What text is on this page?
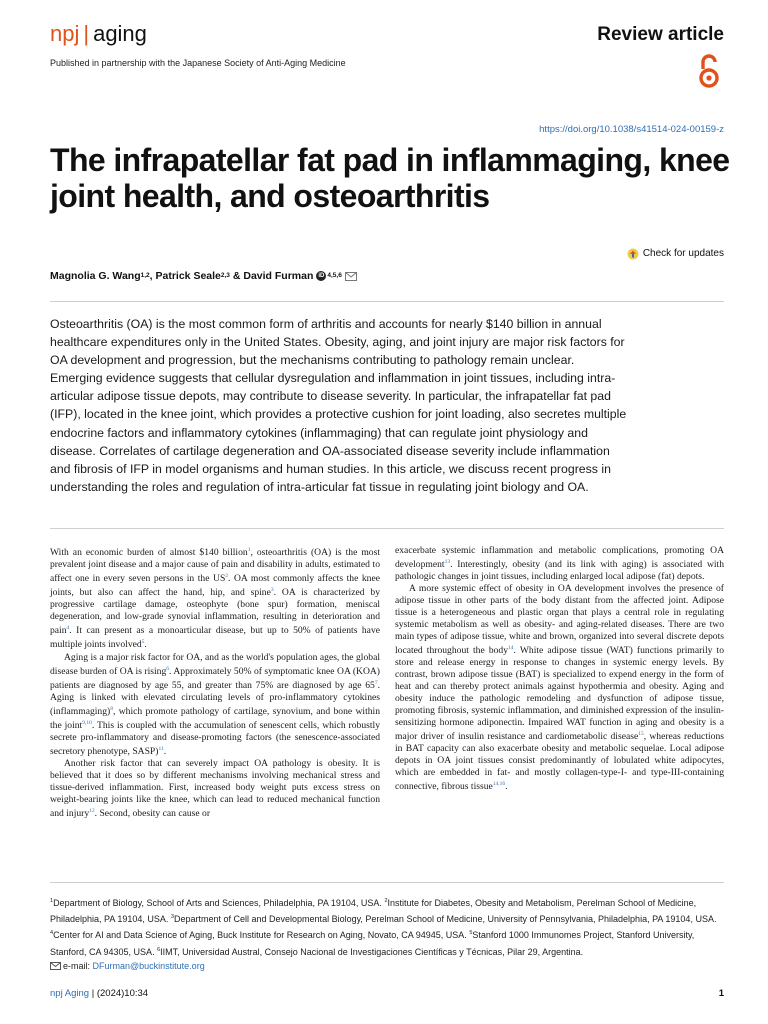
npj | aging	Review article
Published in partnership with the Japanese Society of Anti-Aging Medicine
https://doi.org/10.1038/s41514-024-00159-z
The infrapatellar fat pad in inflammaging, knee joint health, and osteoarthritis
Check for updates
Magnolia G. Wang 1,2 , Patrick Seale 2,3 & David Furman iD 4,5,6
Osteoarthritis (OA) is the most common form of arthritis and accounts for nearly $140 billion in annual healthcare expenditures only in the United States. Obesity, aging, and joint injury are major risk factors for OA development and progression, but the mechanisms contributing to pathology remain unclear. Emerging evidence suggests that cellular dysregulation and inflammation in joint tissues, including intra-articular adipose tissue depots, may contribute to disease severity. In particular, the infrapatellar fat pad (IFP), located in the knee joint, which provides a protective cushion for joint loading, also secretes multiple endocrine factors and inflammatory cytokines (inflammaging) that can regulate joint physiology and disease. Correlates of cartilage degeneration and OA-associated disease severity include inflammation and fibrosis of IFP in model organisms and human studies. In this article, we discuss recent progress in understanding the roles and regulation of intra-articular fat tissue in regulating joint biology and OA.

With an economic burden of almost $140 billion$^1$, osteoarthritis (OA) is the most prevalent joint disease and a major cause of pain and disability in adults, estimated to affect one in every seven persons in the $US^2$. OA most commonly affects the knee joints, but also can affect the hand, hip, and spine$^3$. OA is characterized by progressive cartilage damage, osteophyte (bone spur) formation, meniscal degeneration, and low-grade synovial inflammation, resulting in deterioration and pain$^4$. It can present as a monoarticular disease, but up to 50% of patients have multiple joints involved$^5$.

Aging is a major risk factor for OA, and as the world's population ages, the global disease burden of OA is rising$^6$. Approximately 50% of symptomatic knee OA (KOA) patients are diagnosed by age 55, and greater than 75% are diagnosed by age $65^7$. Aging is linked with elevated circulating levels of pro-inflammatory cytokines (inflammaging)$^8$, which promote pathology of cartilage, synovium, and bone within the joint$^{9,10}$. This is coupled with the accumulation of senescent cells, which robustly secrete pro-inflammatory and disease-promoting factors (the senescence-associated secretory phenotype, SASP)$^{11}$.

Another risk factor that can severely impact OA pathology is obesity. It is believed that it does so by different mechanisms involving mechanical stress and tissue-derived inflammation. First, increased body weight puts excess stress on weight-bearing joints like the knee, which can lead to reduced mechanical function and injury$^{12}$. Second, obesity can cause or

exacerbate systemic inflammation and metabolic complications, promoting OA development$^{13}$. Interestingly, obesity (and its link with aging) is associated with pathologic changes in joint tissues, including enlarged local adipose (fat) depots.

A more systemic effect of obesity in OA development involves the presence of adipose tissue in other parts of the body distant from the affected joint. Adipose tissue is a heterogeneous and plastic organ that plays a central role in regulating systemic metabolism as well as obesity- and aging-related diseases. There are two main types of adipose tissue, white and brown, organized into several discrete depots located throughout the body$^{14}$. White adipose tissue (WAT) functions primarily to store and release energy in response to changes in systemic energy levels. By contrast, brown adipose tissue (BAT) is specialized to expend energy in the form of heat and can thereby protect animals against hypothermia and obesity. Aging and obesity induce the pathologic remodeling and dysfunction of adipose tissue, promoting fibrosis, systemic inflammation, and diminished expression of the insulin-sensitizing hormone adiponectin. Impaired WAT function in aging and obesity is a major driver of insulin resistance and cardiometabolic disease$^{15}$, whereas reductions in BAT capacity can also exacerbate obesity and metabolic sequelae. Local adipose depots in OA joint tissues consist predominantly of lobulated white adipocytes, which are embedded in fat- and mostly collagen-type-I- and type-III-containing connective, fibrous tissue$^{14,16}$.

$^1$Department of Biology, School of Arts and Sciences, Philadelphia, PA 19104, USA. $^2$Institute for Diabetes, Obesity and Metabolism, Perelman School of Medicine, Philadelphia, PA 19104, USA. $^3$Department of Cell and Developmental Biology, Perelman School of Medicine, University of Pennsylvania, Philadelphia, PA 19104, USA. $^4$Center for AI and Data Science of Aging, Buck Institute for Research on Aging, Novato, CA 94945, USA. $^5$Stanford 1000 Immunomes Project, Stanford University, Stanford, CA 94305, USA. $^6$IIMT, Universidad Austral, Consejo Nacional de Investigaciones Científicas y Técnicas, Pilar 29, Argentina.
e-mail: DFurman@buckinstitute.org
npj Aging | (2024)10:34	1
